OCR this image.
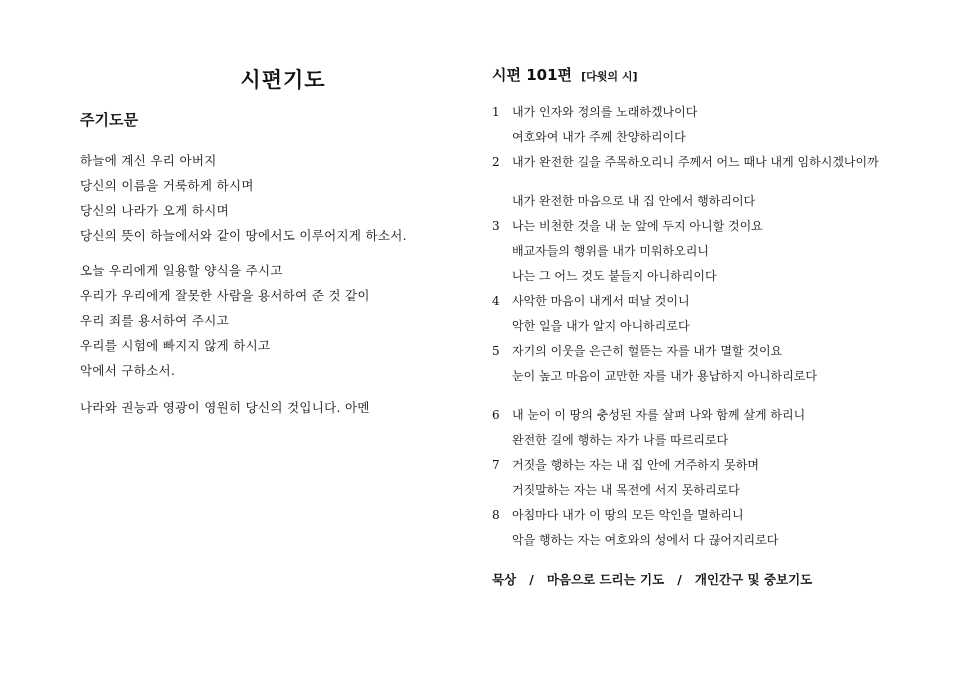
시편기도
주기도문
하늘에 계신 우리 아버지
당신의 이름을 거룩하게 하시며
당신의 나라가 오게 하시며
당신의 뜻이 하늘에서와 같이 땅에서도 이루어지게 하소서.
오늘 우리에게 일용할 양식을 주시고
우리가 우리에게 잘못한 사람을 용서하여 준 것 같이
우리 죄를 용서하여 주시고
우리를 시험에 빠지지 않게 하시고
악에서 구하소서.
나라와 권능과 영광이 영원히 당신의 것입니다. 아멘
시편 101편 [다윗의 시]
1 내가 인자와 정의를 노래하겠나이다
여호와여 내가 주께 찬양하리이다
2 내가 완전한 길을 주목하오리니 주께서 어느 때나 내게 임하시겠나이까
내가 완전한 마음으로 내 집 안에서 행하리이다
3 나는 비천한 것을 내 눈 앞에 두지 아니할 것이요
배교자들의 행위를 내가 미워하오리니
나는 그 어느 것도 붙들지 아니하리이다
4 사악한 마음이 내게서 떠날 것이니
악한 일을 내가 알지 아니하리로다
5 자기의 이웃을 은근히 헐뜯는 자를 내가 멸할 것이요
눈이 높고 마음이 교만한 자를 내가 용납하지 아니하리로다
6 내 눈이 이 땅의 충성된 자를 살펴 나와 함께 살게 하리니
완전한 길에 행하는 자가 나를 따르리로다
7 거짓을 행하는 자는 내 집 안에 거주하지 못하며
거짓말하는 자는 내 목전에 서지 못하리로다
8 아침마다 내가 이 땅의 모든 악인을 멸하리니
악을 행하는 자는 여호와의 성에서 다 끊어지리로다
묵상   /   마음으로 드리는 기도   /   개인간구 및 중보기도
